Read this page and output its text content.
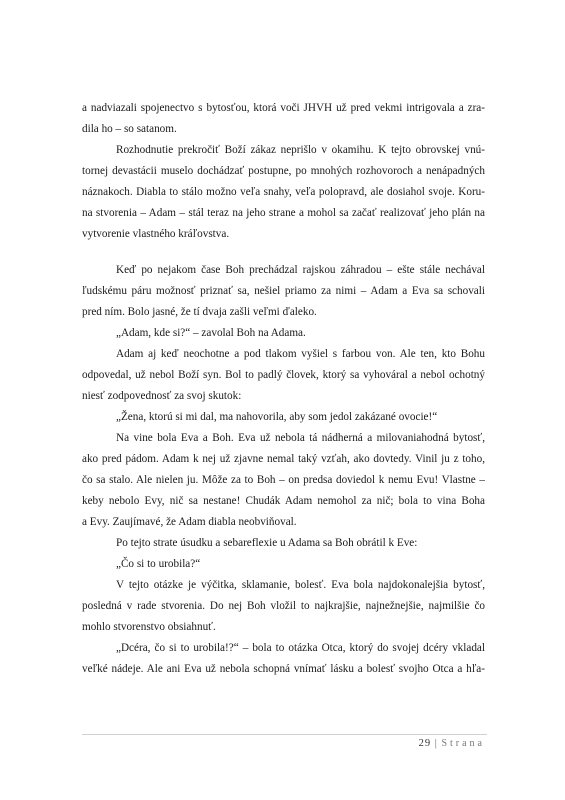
a nadviazali spojenectvo s bytosťou, ktorá voči JHVH už pred vekmi intrigovala a zra-
dila ho – so satanom.
Rozhodnutie prekročiť Boží zákaz neprišlo v okamihu. K tejto obrovskej vnú-
tornej devastácii muselo dochádzať postupne, po mnohých rozhovoroch a nenápadných
náznakoch. Diabla to stálo možno veľa snahy, veľa polopravd, ale dosiahol svoje. Koru-
na stvorenia – Adam – stál teraz na jeho strane a mohol sa začať realizovať jeho plán na
vytvorenie vlastného kráľovstva.
Keď po nejakom čase Boh prechádzal rajskou záhradou – ešte stále nechával
ľudskému páru možnosť priznať sa, nešiel priamo za nimi – Adam a Eva sa schovali
pred ním. Bolo jasné, že tí dvaja zašli veľmi ďaleko.
„Adam, kde si?“ – zavolal Boh na Adama.
Adam aj keď neochotne a pod tlakom vyšiel s farbou von. Ale ten, kto Bohu
odpovedal, už nebol Boží syn. Bol to padlý človek, ktorý sa vyhováral a nebol ochotný
niesť zodpovednosť za svoj skutok:
„Žena, ktorú si mi dal, ma nahovorila, aby som jedol zakázané ovocie!“
Na vine bola Eva a Boh. Eva už nebola tá nádherná a milovaniahodná bytosť,
ako pred pádom. Adam k nej už zjavne nemal taký vzťah, ako dovtedy. Vinil ju z toho,
čo sa stalo. Ale nielen ju. Môže za to Boh – on predsa doviedol k nemu Evu! Vlastne –
keby nebolo Evy, nič sa nestane! Chudák Adam nemohol za nič; bola to vina Boha
a Evy. Zaujímavé, že Adam diabla neobviňoval.
Po tejto strate úsudku a sebareflexie u Adama sa Boh obrátil k Eve:
„Čo si to urobila?“
V tejto otázke je výčitka, sklamanie, bolesť. Eva bola najdokonalejšia bytosť,
posledná v rade stvorenia. Do nej Boh vložil to najkrajšie, najnežnejšie, najmilšie čo
mohlo stvorenstvo obsiahnuť.
„Dcéra, čo si to urobila!?“ – bola to otázka Otca, ktorý do svojej dcéry vkladal
veľké nádeje. Ale ani Eva už nebola schopná vnímať lásku a bolesť svojho Otca a hľa-
29 | Strana
